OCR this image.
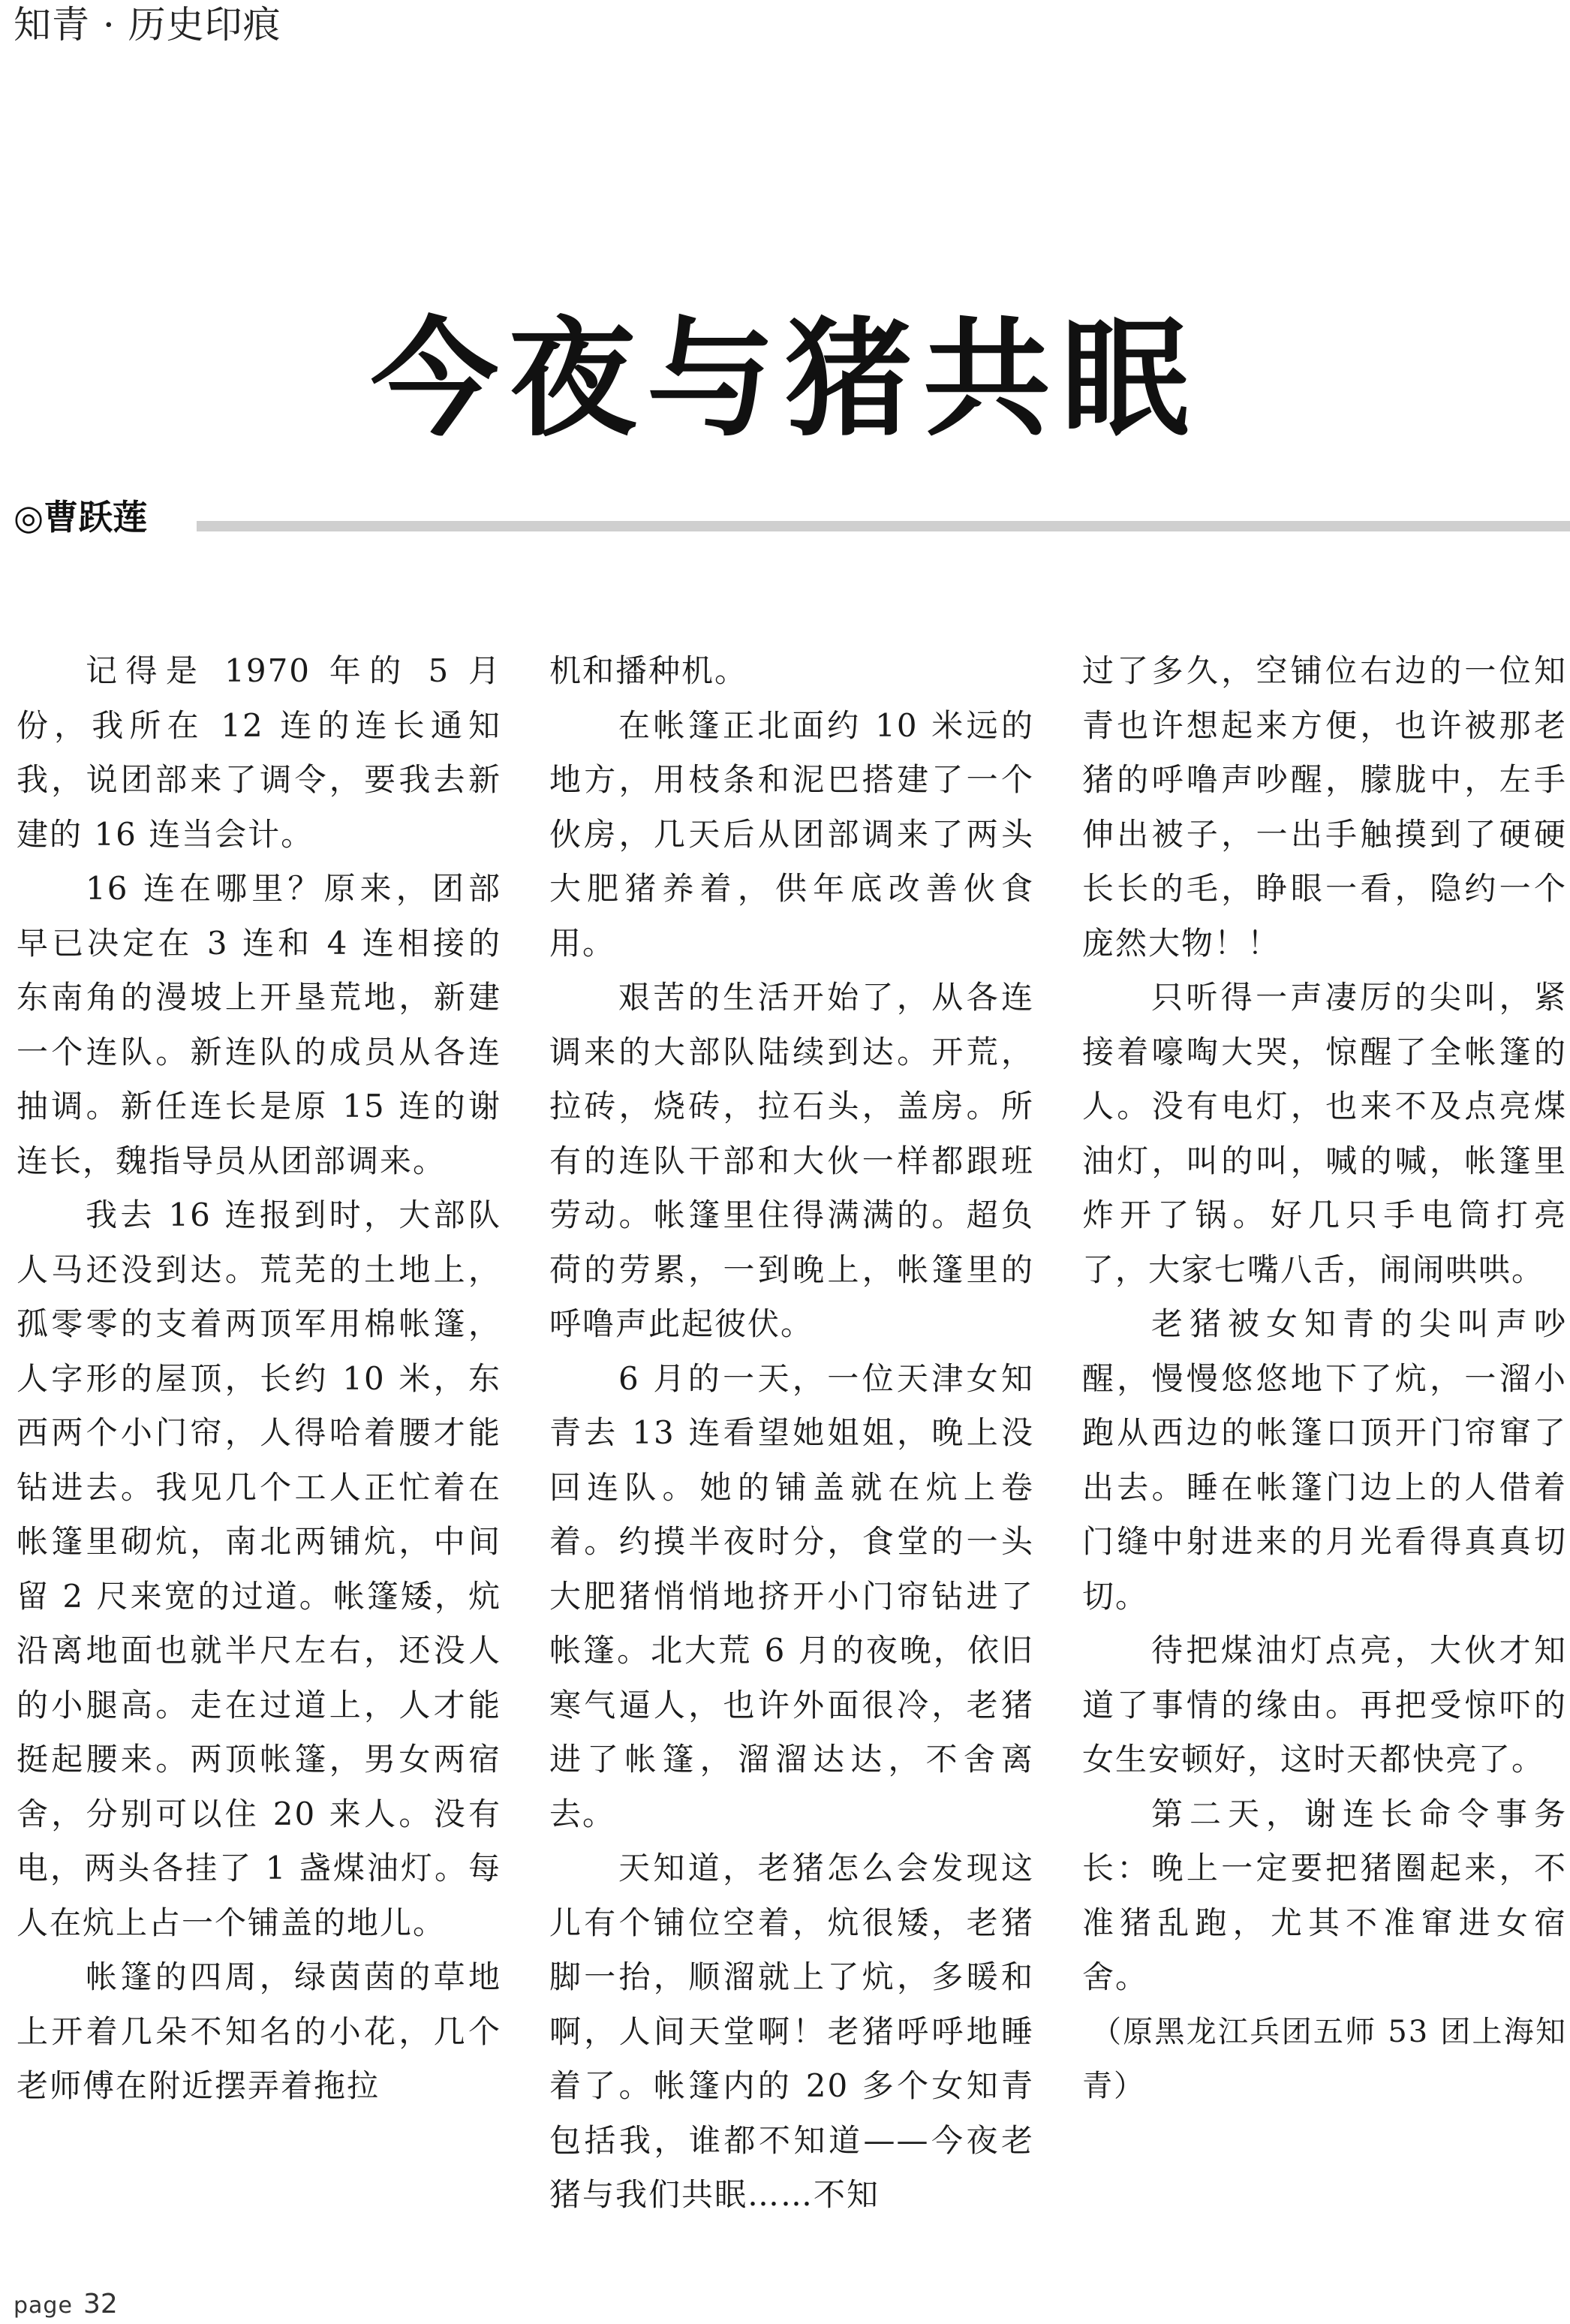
知青 · 历史印痕
今夜与猪共眠
◎曹跃莲

记得是 1970 年的 5 月份，我所在 12 连的连长通知我，说团部来了调令，要我去新建的 16 连当会计。

16 连在哪里？原来，团部早已决定在 3 连和 4 连相接的东南角的漫坡上开垦荒地，新建一个连队。新连队的成员从各连抽调。新任连长是原 15 连的谢连长，魏指导员从团部调来。

我去 16 连报到时，大部队人马还没到达。荒芜的土地上，孤零零的支着两顶军用棉帐篷，人字形的屋顶，长约 10 米，东西两个小门帘，人得哈着腰才能钻进去。我见几个工人正忙着在帐篷里砌炕，南北两铺炕，中间留 2 尺来宽的过道。帐篷矮，炕沿离地面也就半尺左右，还没人的小腿高。走在过道上，人才能挺起腰来。两顶帐篷，男女两宿舍，分别可以住 20 来人。没有电，两头各挂了 1 盏煤油灯。每人在炕上占一个铺盖的地儿。

帐篷的四周，绿茵茵的草地上开着几朵不知名的小花，几个老师傅在附近摆弄着拖拉

机和播种机。

在帐篷正北面约 10 米远的地方，用枝条和泥巴搭建了一个伙房，几天后从团部调来了两头大肥猪养着，供年底改善伙食用。

艰苦的生活开始了，从各连调来的大部队陆续到达。开荒，拉砖，烧砖，拉石头，盖房。所有的连队干部和大伙一样都跟班劳动。帐篷里住得满满的。超负荷的劳累，一到晚上，帐篷里的呼噜声此起彼伏。

6 月的一天，一位天津女知青去 13 连看望她姐姐，晚上没回连队。她的铺盖就在炕上卷着。约摸半夜时分，食堂的一头大肥猪悄悄地挤开小门帘钻进了帐篷。北大荒 6 月的夜晚，依旧寒气逼人，也许外面很冷，老猪进了帐篷，溜溜达达，不舍离去。

天知道，老猪怎么会发现这儿有个铺位空着，炕很矮，老猪脚一抬，顺溜就上了炕，多暖和啊，人间天堂啊！老猪呼呼地睡着了。帐篷内的 20 多个女知青包括我，谁都不知道——今夜老猪与我们共眠……不知

过了多久，空铺位右边的一位知青也许想起来方便，也许被那老猪的呼噜声吵醒，朦胧中，左手伸出被子，一出手触摸到了硬硬长长的毛，睁眼一看，隐约一个庞然大物！！

只听得一声凄厉的尖叫，紧接着嚎啕大哭，惊醒了全帐篷的人。没有电灯，也来不及点亮煤油灯，叫的叫，喊的喊，帐篷里炸开了锅。好几只手电筒打亮了，大家七嘴八舌，闹闹哄哄。

老猪被女知青的尖叫声吵醒，慢慢悠悠地下了炕，一溜小跑从西边的帐篷口顶开门帘窜了出去。睡在帐篷门边上的人借着门缝中射进来的月光看得真真切切。

待把煤油灯点亮，大伙才知道了事情的缘由。再把受惊吓的女生安顿好，这时天都快亮了。

第二天，谢连长命令事务长：晚上一定要把猪圈起来，不准猪乱跑，尤其不准窜进女宿舍。

（原黑龙江兵团五师 53 团上海知青）

page 32
